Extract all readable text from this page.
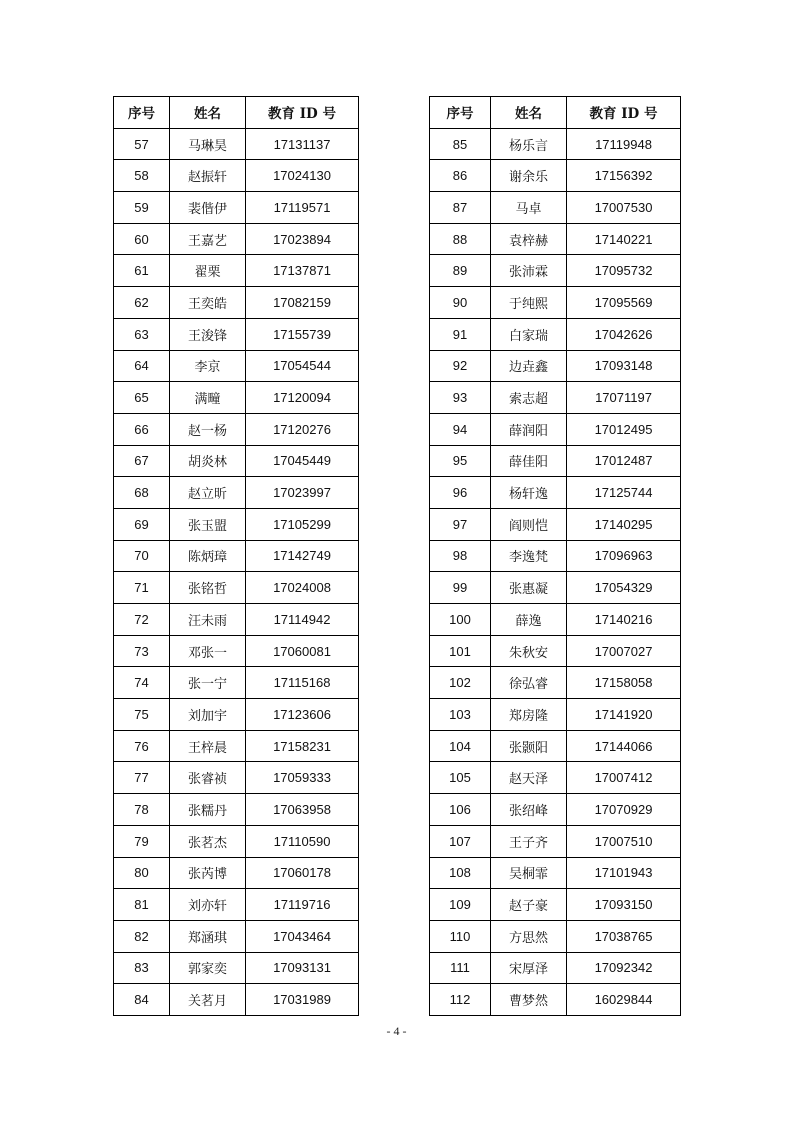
序号	姓名	教育 ID 号		序号	姓名	教育 ID 号
57	马琳昊	17131137		85	杨乐言	17119948
58	赵振轩	17024130		86	谢余乐	17156392
59	裴偕伊	17119571		87	马卓	17007530
60	王嘉艺	17023894		88	袁梓赫	17140221
61	翟栗	17137871		89	张沛霖	17095732
62	王奕皓	17082159		90	于纯熙	17095569
63	王浚锋	17155739		91	白家瑞	17042626
64	李京	17054544		92	边垚鑫	17093148
65	满疃	17120094		93	索志超	17071197
66	赵一杨	17120276		94	薛润阳	17012495
67	胡炎林	17045449		95	薛佳阳	17012487
68	赵立昕	17023997		96	杨轩逸	17125744
69	张玉盟	17105299		97	阎则恺	17140295
70	陈炳璋	17142749		98	李逸梵	17096963
71	张铭哲	17024008		99	张惠凝	17054329
72	汪未雨	17114942		100	薛逸	17140216
73	邓张一	17060081		101	朱秋安	17007027
74	张一宁	17115168		102	徐弘睿	17158058
75	刘加宇	17123606		103	郑房隆	17141920
76	王梓晨	17158231		104	张颢阳	17144066
77	张睿祯	17059333		105	赵天泽	17007412
78	张糯丹	17063958		106	张绍峰	17070929
79	张茗杰	17110590		107	王子齐	17007510
80	张芮博	17060178		108	吴桐霏	17101943
81	刘亦轩	17119716		109	赵子豪	17093150
82	郑涵琪	17043464		110	方思然	17038765
83	郭家奕	17093131		111	宋厚泽	17092342
84	关茗月	17031989		112	曹梦然	16029844
- 4 -
